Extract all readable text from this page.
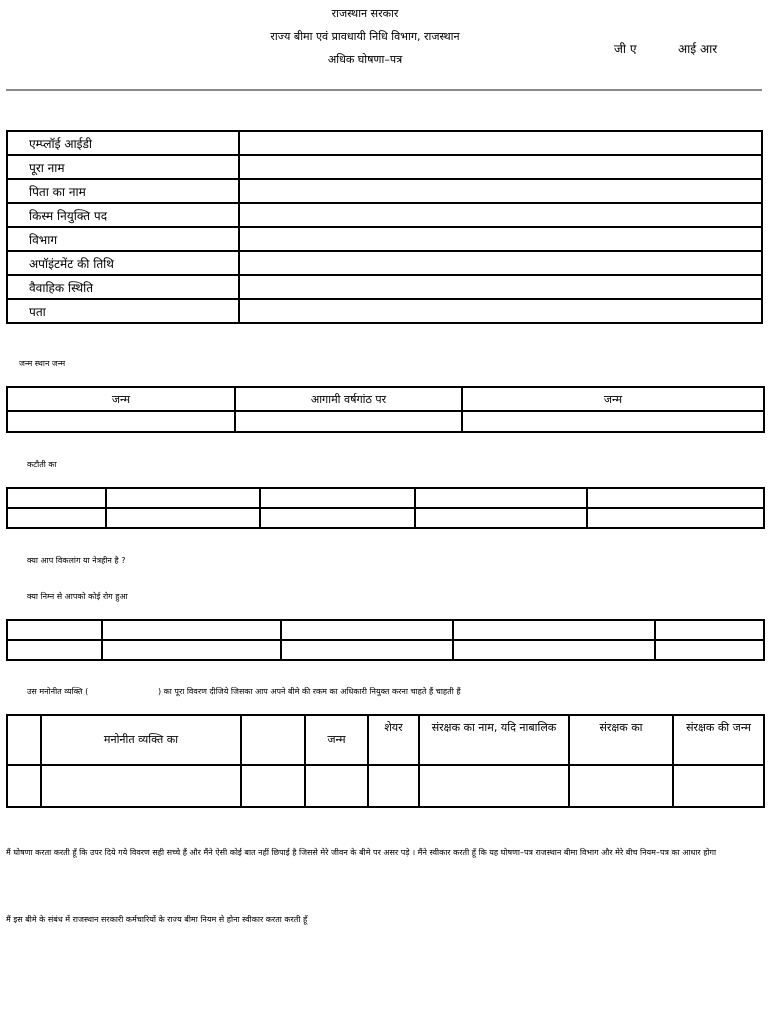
राजस्थान सरकार
राज्य बीमा एवं प्रावधायी निधि विभाग, राजस्थान
अधिक घोषणा–पत्र
जी ए	आई आर
एम्प्लॉई आईडी	
पूरा नाम	
पिता का नाम	
किस्म नियुक्ति पद	
विभाग	
अपॉइंटमेंट की तिथि	
वैवाहिक स्थिति	
पता	
जन्म स्थान जन्म
जन्म	आगामी वर्षगांठ पर	जन्म

कटौती का

क्या आप विकलांग या नेत्रहीन है ?
क्या निम्न से आपको कोई रोग हुआ

उस मनोनीत व्यक्ति (	) का पूरा विवरण दीजिये जिसका आप अपने बीमे की रकम का अधिकारी नियुक्त करना चाहते हैं चाहती हैं
	मनोनीत व्यक्ति का		जन्म	शेयर	संरक्षक का नाम, यदि नाबालिक	संरक्षक का	संरक्षक की जन्म

मैं घोषणा करता करती हूँ कि उपर दिये गये विवरण सही सच्चे हैं और मैंने ऐसी कोई बात नहीं छिपाई है जिससे मेरे जीवन के बीमे पर असर पड़े । मैंने स्वीकार करती हूँ कि यह घोषणा–पत्र राजस्थान बीमा विभाग और मेरे बीच नियम–पत्र का आधार होगा
मैं इस बीमे के संबंध में राजस्थान सरकारी कर्मचारियों के राज्य बीमा नियम से होना स्वीकार करता करती हूँ
